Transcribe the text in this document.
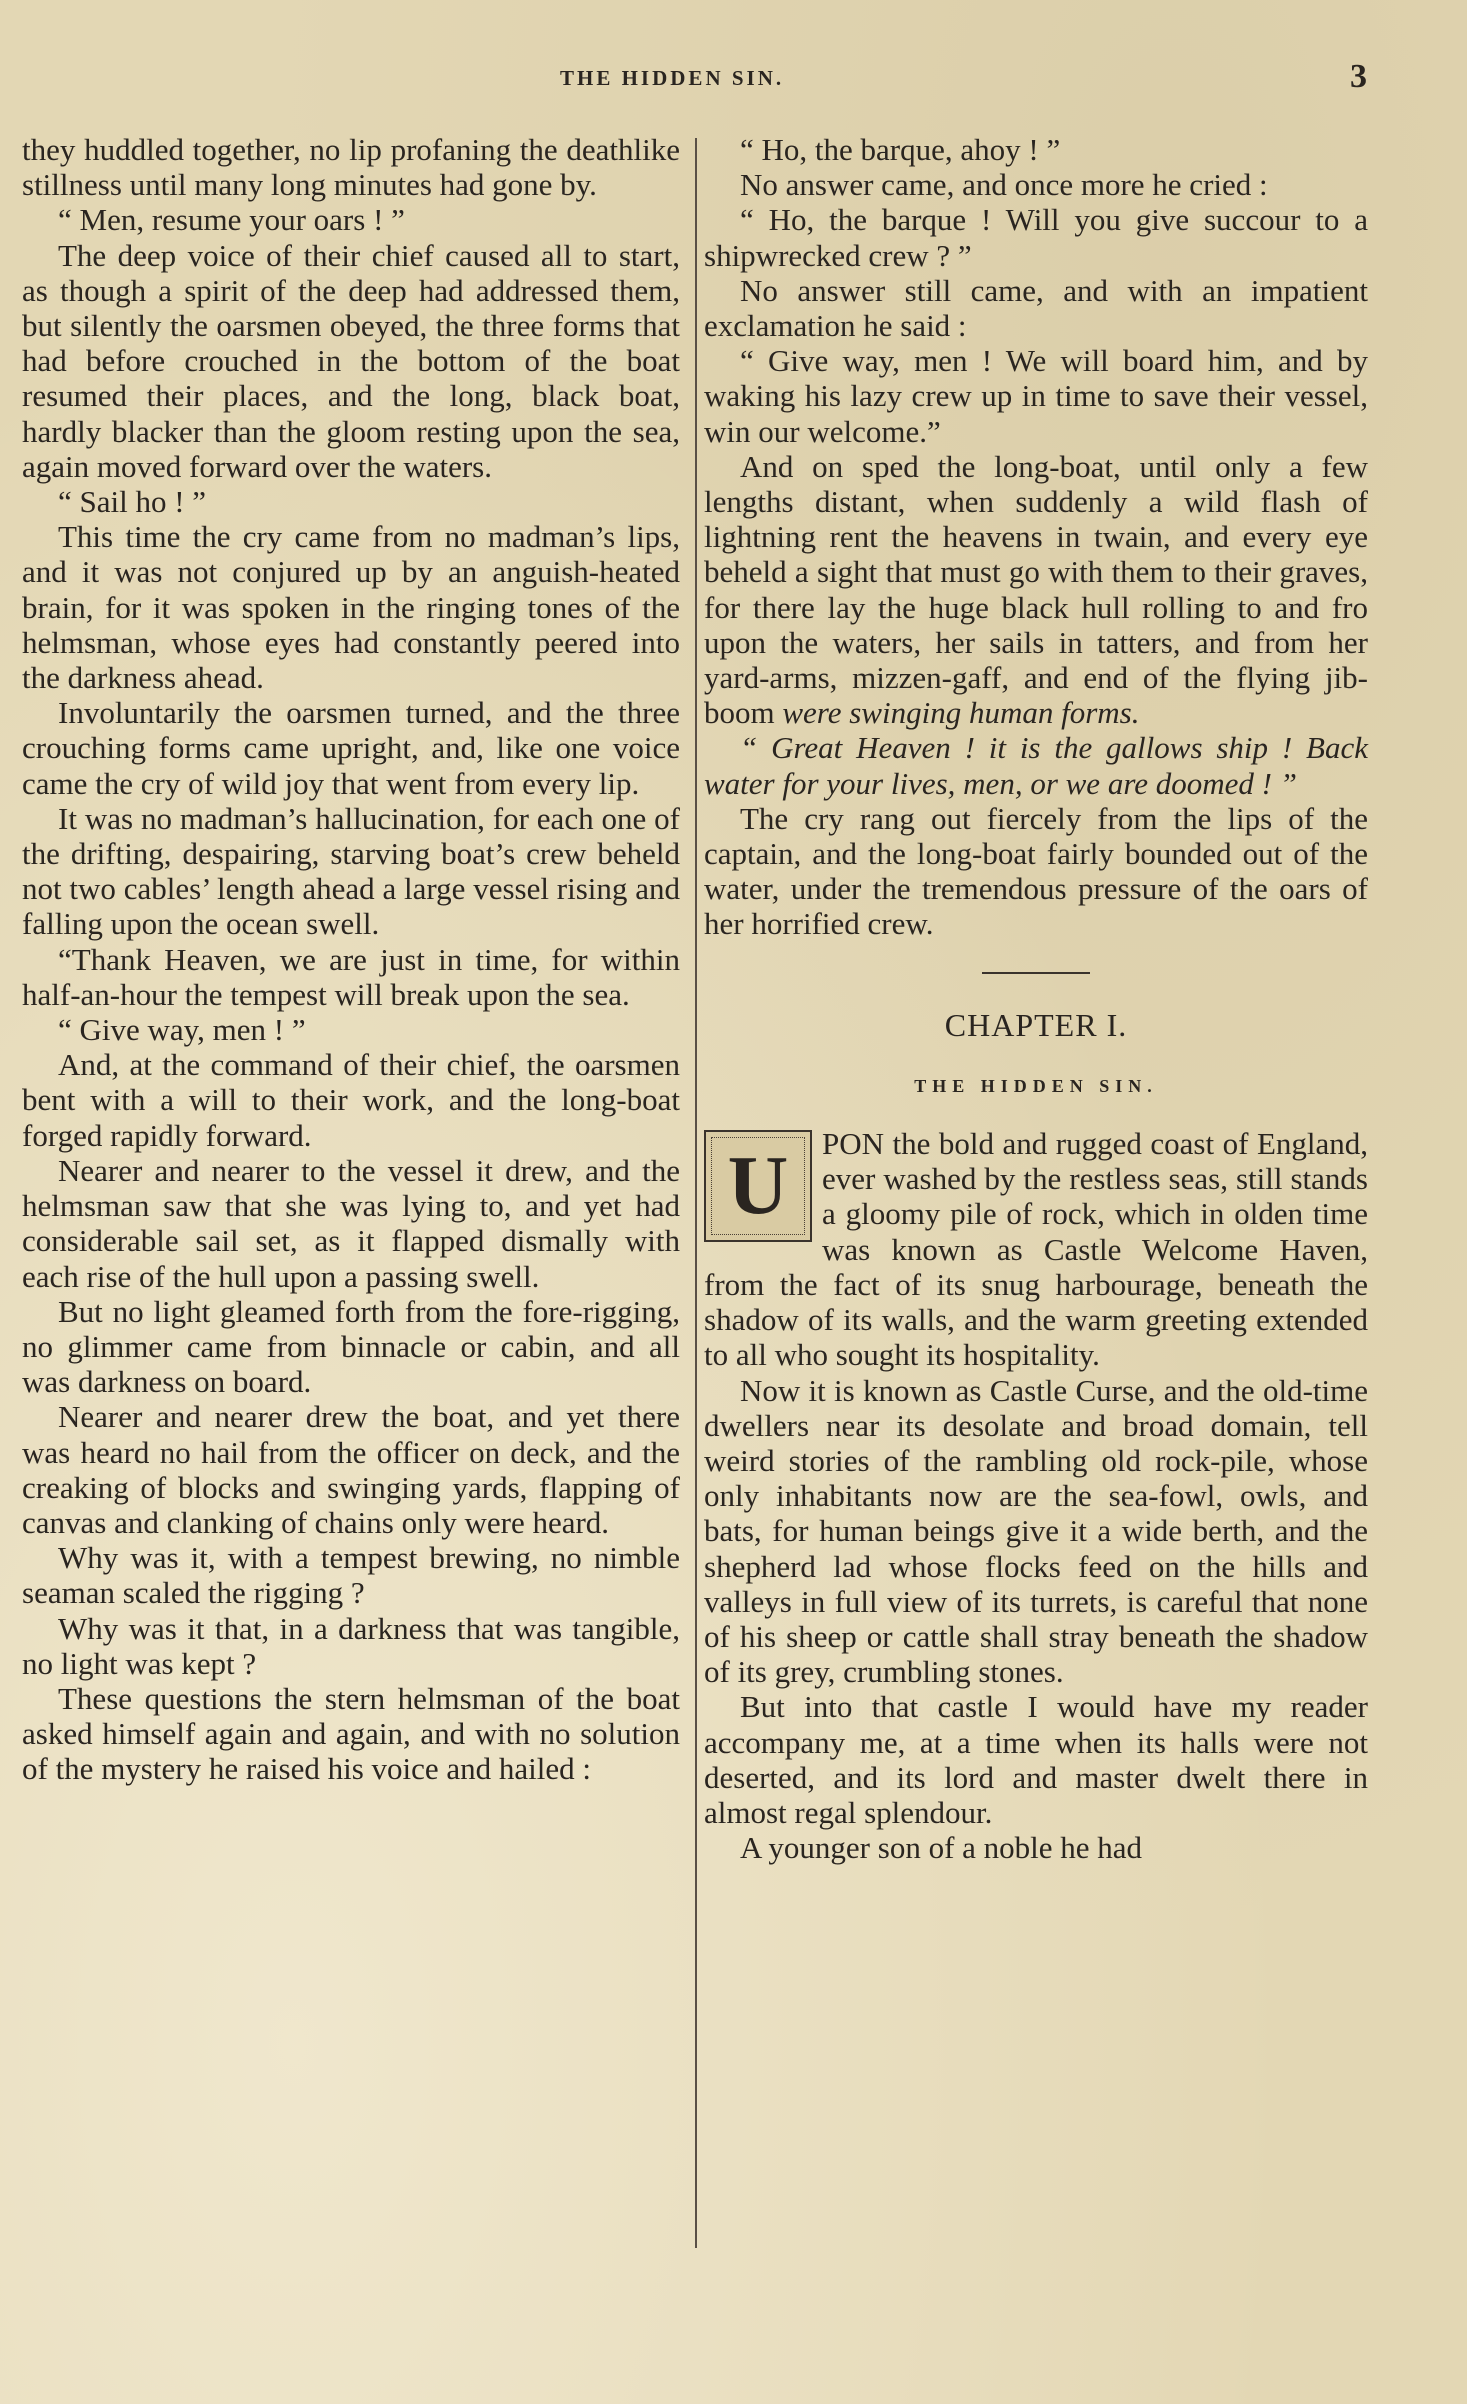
THE HIDDEN SIN.	3

they huddled together, no lip profaning the deathlike stillness until many long minutes had gone by.

“ Men, resume your oars ! ”

The deep voice of their chief caused all to start, as though a spirit of the deep had addressed them, but silently the oarsmen obeyed, the three forms that had before crouched in the bottom of the boat resumed their places, and the long, black boat, hardly blacker than the gloom resting upon the sea, again moved forward over the waters.

“ Sail ho ! ”

This time the cry came from no madman’s lips, and it was not conjured up by an anguish-heated brain, for it was spoken in the ringing tones of the helmsman, whose eyes had constantly peered into the darkness ahead.

Involuntarily the oarsmen turned, and the three crouching forms came upright, and, like one voice came the cry of wild joy that went from every lip.

It was no madman’s hallucination, for each one of the drifting, despairing, starving boat’s crew beheld not two cables’ length ahead a large vessel rising and falling upon the ocean swell.

“Thank Heaven, we are just in time, for within half-an-hour the tempest will break upon the sea.

“ Give way, men ! ”

And, at the command of their chief, the oarsmen bent with a will to their work, and the long-boat forged rapidly forward.

Nearer and nearer to the vessel it drew, and the helmsman saw that she was lying to, and yet had considerable sail set, as it flapped dismally with each rise of the hull upon a passing swell.

But no light gleamed forth from the fore-rigging, no glimmer came from binnacle or cabin, and all was darkness on board.

Nearer and nearer drew the boat, and yet there was heard no hail from the officer on deck, and the creaking of blocks and swinging yards, flapping of canvas and clanking of chains only were heard.

Why was it, with a tempest brewing, no nimble seaman scaled the rigging ?

Why was it that, in a darkness that was tangible, no light was kept ?

These questions the stern helmsman of the boat asked himself again and again, and with no solution of the mystery he raised his voice and hailed :

“ Ho, the barque, ahoy ! ”

No answer came, and once more he cried :

“ Ho, the barque ! Will you give succour to a shipwrecked crew ? ”

No answer still came, and with an impatient exclamation he said :

“ Give way, men ! We will board him, and by waking his lazy crew up in time to save their vessel, win our welcome.”

And on sped the long-boat, until only a few lengths distant, when suddenly a wild flash of lightning rent the heavens in twain, and every eye beheld a sight that must go with them to their graves, for there lay the huge black hull rolling to and fro upon the waters, her sails in tatters, and from her yard-arms, mizzen-gaff, and end of the flying jib-boom were swinging human forms.

“ Great Heaven ! it is the gallows ship ! Back water for your lives, men, or we are doomed ! ”

The cry rang out fiercely from the lips of the captain, and the long-boat fairly bounded out of the water, under the tremendous pressure of the oars of her horrified crew.

CHAPTER I.
THE HIDDEN SIN.

U	PON the bold and rugged coast of England, ever washed by the restless seas, still stands a gloomy pile of rock, which in olden time was known as Castle Welcome Haven, from the fact of its snug harbourage, beneath the shadow of its walls, and the warm greeting extended to all who sought its hospitality.

Now it is known as Castle Curse, and the old-time dwellers near its desolate and broad domain, tell weird stories of the rambling old rock-pile, whose only inhabitants now are the sea-fowl, owls, and bats, for human beings give it a wide berth, and the shepherd lad whose flocks feed on the hills and valleys in full view of its turrets, is careful that none of his sheep or cattle shall stray beneath the shadow of its grey, crumbling stones.

But into that castle I would have my reader accompany me, at a time when its halls were not deserted, and its lord and master dwelt there in almost regal splendour.

A younger son of a noble he had
